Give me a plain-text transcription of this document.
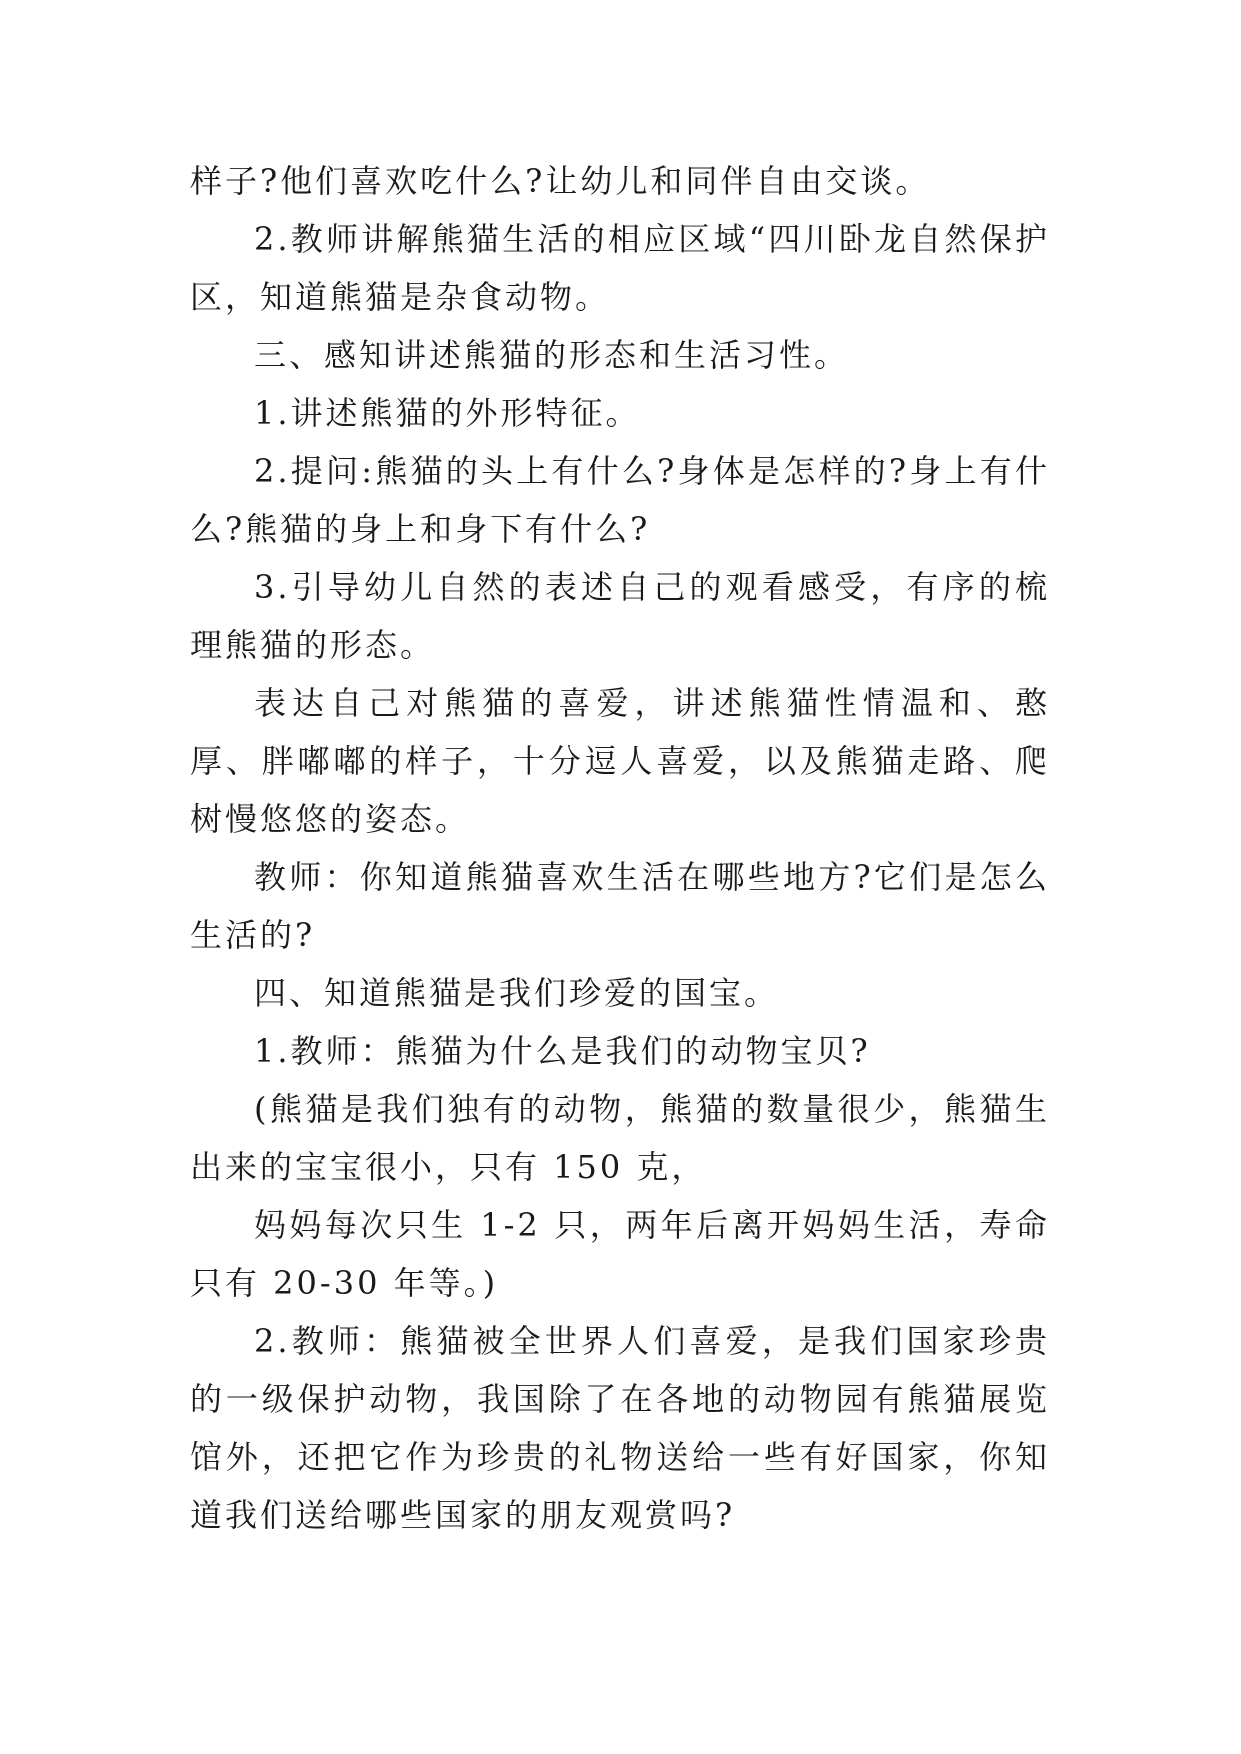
样子?他们喜欢吃什么?让幼儿和同伴自由交谈。

2.教师讲解熊猫生活的相应区域“四川卧龙自然保护区，知道熊猫是杂食动物。

三、感知讲述熊猫的形态和生活习性。

1.讲述熊猫的外形特征。

2.提问:熊猫的头上有什么?身体是怎样的?身上有什么?熊猫的身上和身下有什么?

3.引导幼儿自然的表述自己的观看感受，有序的梳理熊猫的形态。

表达自己对熊猫的喜爱，讲述熊猫性情温和、憨厚、胖嘟嘟的样子，十分逗人喜爱，以及熊猫走路、爬树慢悠悠的姿态。

教师：你知道熊猫喜欢生活在哪些地方?它们是怎么生活的?

四、知道熊猫是我们珍爱的国宝。

1.教师：熊猫为什么是我们的动物宝贝?

(熊猫是我们独有的动物，熊猫的数量很少，熊猫生出来的宝宝很小，只有 150 克，

妈妈每次只生 1-2 只，两年后离开妈妈生活，寿命只有 20-30 年等。)

2.教师：熊猫被全世界人们喜爱，是我们国家珍贵的一级保护动物，我国除了在各地的动物园有熊猫展览馆外，还把它作为珍贵的礼物送给一些有好国家，你知道我们送给哪些国家的朋友观赏吗?
